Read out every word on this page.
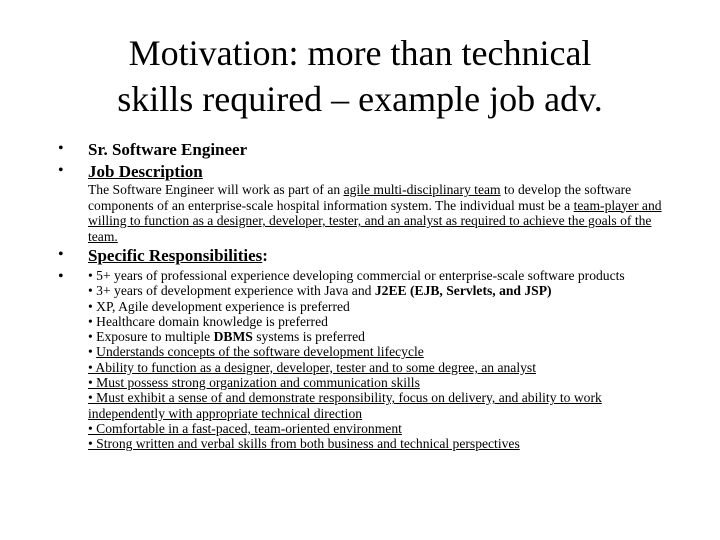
Motivation: more than technical
skills required – example job adv.
• Sr. Software Engineer
• Job Description
The Software Engineer will work as part of an agile multi-disciplinary team to develop the software components of an enterprise-scale hospital information system. The individual must be a team-player and willing to function as a designer, developer, tester, and an analyst as required to achieve the goals of the team.
• Specific Responsibilities:
• • 5+ years of professional experience developing commercial or enterprise-scale software products
• 3+ years of development experience with Java and J2EE (EJB, Servlets, and JSP)
• XP, Agile development experience is preferred
• Healthcare domain knowledge is preferred
• Exposure to multiple DBMS systems is preferred
• Understands concepts of the software development lifecycle
• Ability to function as a designer, developer, tester and to some degree, an analyst
• Must possess strong organization and communication skills
• Must exhibit a sense of and demonstrate responsibility, focus on delivery, and ability to work independently with appropriate technical direction
• Comfortable in a fast-paced, team-oriented environment
• Strong written and verbal skills from both business and technical perspectives
